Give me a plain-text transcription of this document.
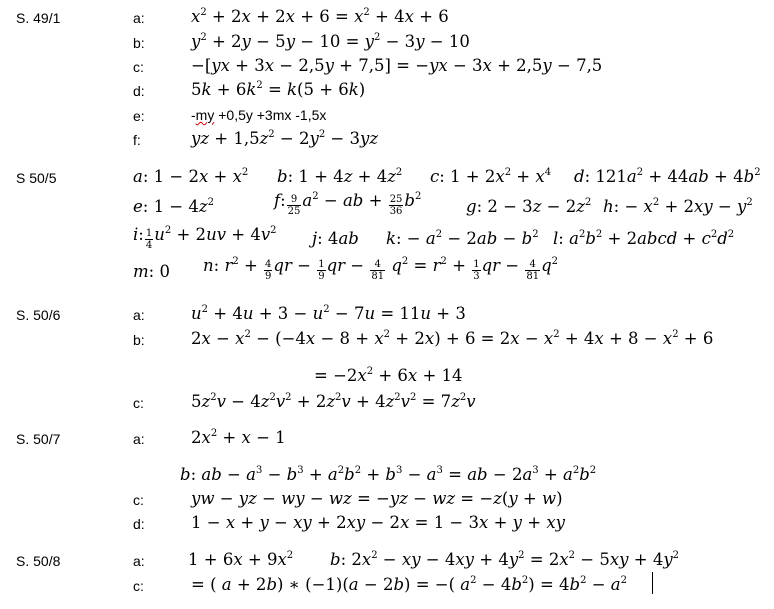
S. 49/1	a:	$x^2 + 2x + 2x + 6 = x^2 + 4x + 6$
b:	$y^2 + 2y - 5y - 10 = y^2 - 3y - 10$
c:	−[yx + 3x − 2,5y + 7,5] = −yx − 3x + 2,5y − 7,5
d:	$5k + 6k^2 = k(5 + 6k)$
e:	-my +0,5y +3mx -1,5x
f:	yz + $1,5z^2 - 2y^2 - 3yz$
S 50/5	a: $1 - 2x + x^2$ b: $1 + 4z + 4z^2$ c: $1 + 2x^2 + x^4$ d: $121a^2 + 44ab + 4b^2$
e: $1 - 4z^2$	f: $\frac{9}{25} a^2$ − ab + $\frac{25}{36} b^2$
g: $2 - 3z - 2z^2$ h: − $x^2 + 2xy - y^2$
i: $\frac{1}{4} u^2 + 2uv + 4v^2$ j: 4ab k: − $a^2 - 2ab - b^2$ l: $a^2b^2$ + 2abcd + $c^2d^2$
m: 0 n: $r^2 + \frac{4}{9}$ qr − $\frac{1}{9}$ qr − $\frac{4}{81} q^2 = r^2 + \frac{1}{3}$ qr − $\frac{4}{81} q^2$
S. 50/6	a:	$u^2 + 4u + 3 - u^2 - 7u = 11u + 3$
b:	$2x - x^2 - (-4x - 8 + x^2 + 2x) + 6 = 2x - x^2 + 4x + 8 - x^2 + 6$
= $-2x^2 + 6x + 14$
c:	$5z^2v - 4z^2v^2 + 2z^2v + 4z^2v^2 = 7z^2v$
S. 50/7	a:	$2x^2 + x - 1$
b: ab − $a^3 - b^3 + a^2b^2 + b^3 - a^3$ = ab − $2a^3 + a^2b^2$
c:	yw − yz − wy − wz = −yz − wz = −z(y + w)
d:	1 − x + y − xy + 2xy − 2x = 1 − 3x + y + xy
S. 50/8	a:	$1 + 6x + 9x^2$ b: $2x^2$ − xy − $4xy + 4y^2 = 2x^2 - 5xy + 4y^2$
c:	= ( a + 2b) ∗ (−1)(a − 2b) = −( $a^2 - 4b^2) = 4b^2 - a^2$
